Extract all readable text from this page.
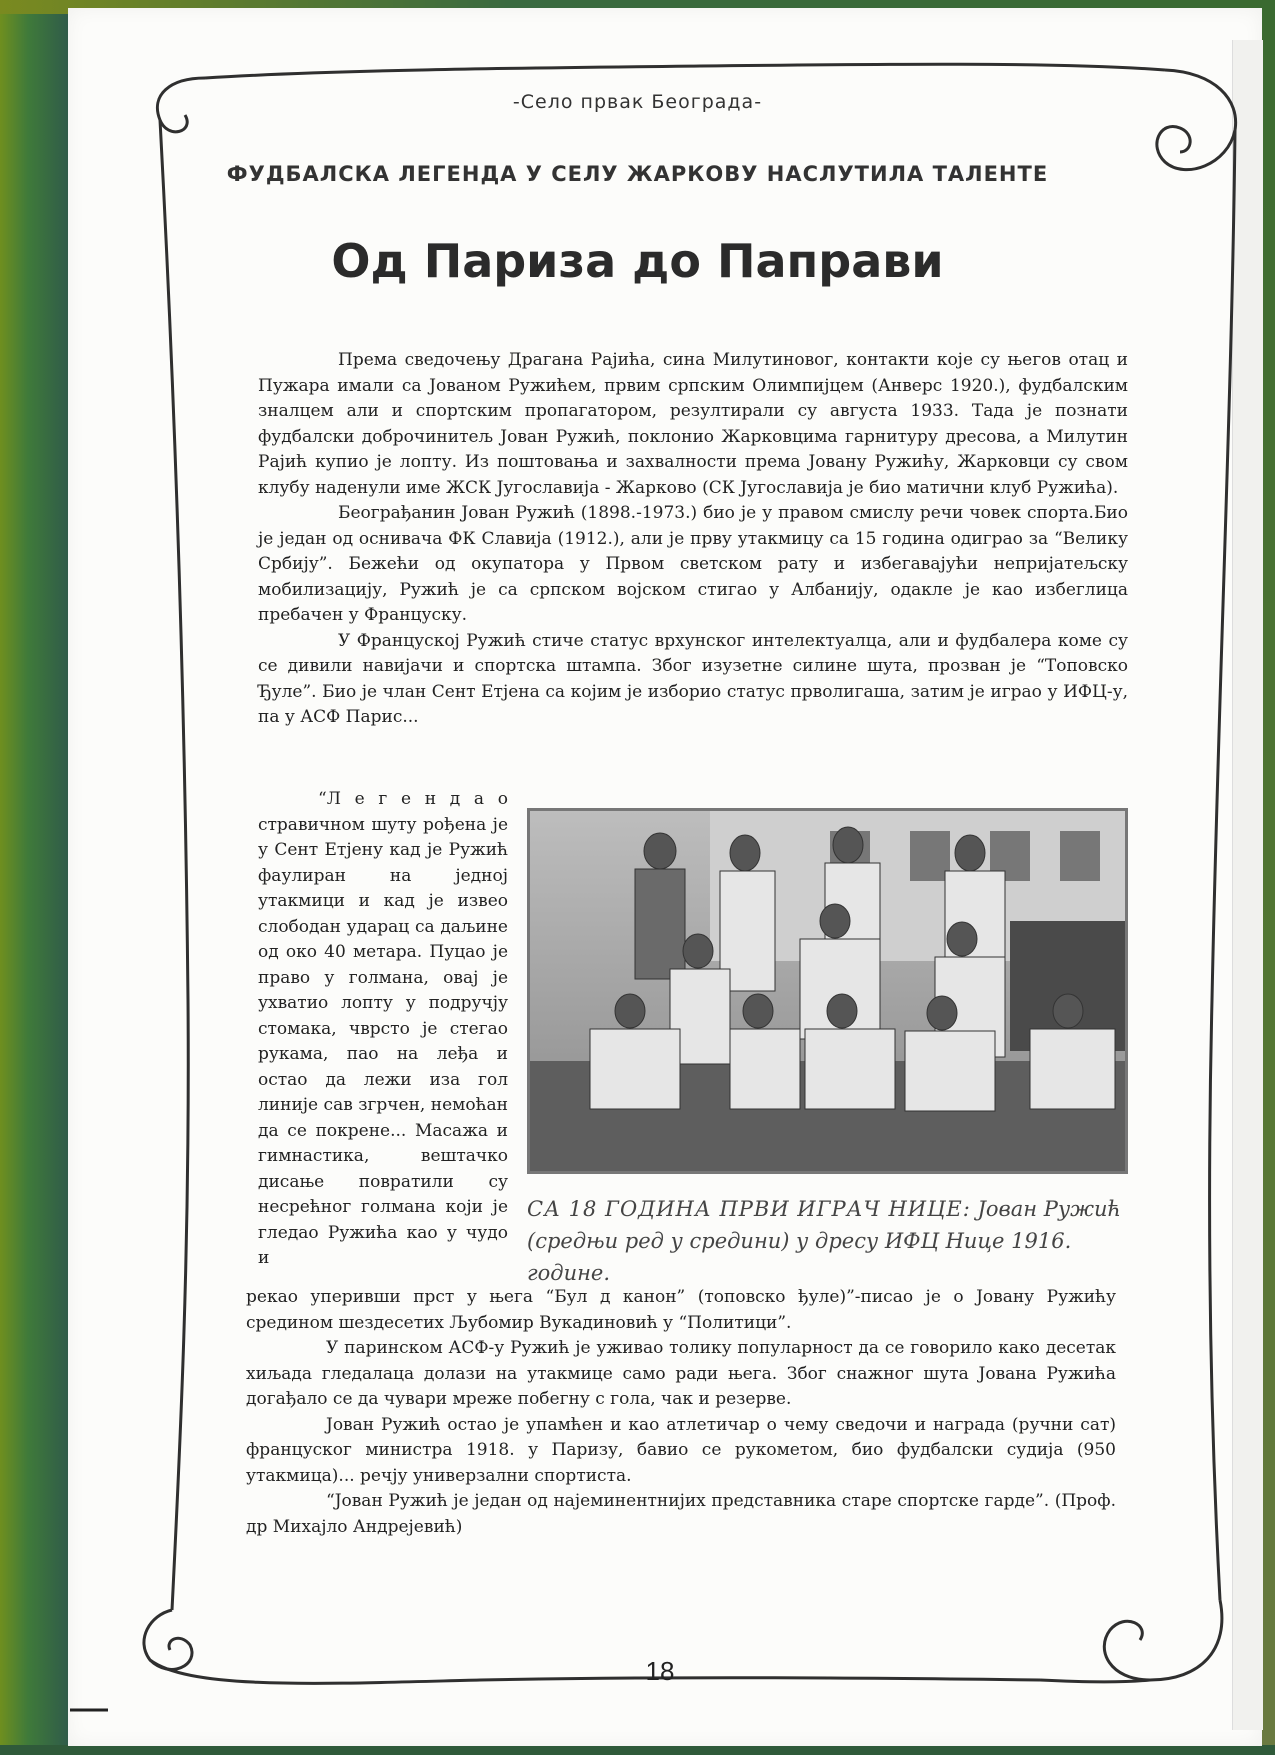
-Село првак Београда-
ФУДБАЛСКА ЛЕГЕНДА У СЕЛУ ЖАРКОВУ НАСЛУТИЛА ТАЛЕНТЕ
Од Париза до Паправи

Према сведочењу Драгана Рајића, сина Милутиновог, контакти које су његов отац и Пужара имали са Јованом Ружићем, првим српским Олимпијцем (Анверс 1920.), фудбалским зналцем али и спортским пропагатором, резултирали су августа 1933. Тада је познати фудбалски доброчинитељ Јован Ружић, поклонио Жарковцима гарнитуру дресова, а Милутин Рајић купио је лопту. Из поштовања и захвалности према Јовану Ружићу, Жарковци су свом клубу наденули име ЖСК Југославија - Жарково (СК Југославија је био матични клуб Ружића).

Београђанин Јован Ружић (1898.-1973.) био је у правом смислу речи човек спорта.Био је један од оснивача ФК Славија (1912.), али је прву утакмицу са 15 година одиграо за “Велику Србију”. Бежећи од окупатора у Првом светском рату и избегавајући непријатељску мобилизацију, Ружић је са српском војском стигао у Албанију, одакле је као избеглица пребачен у Француску.

У Француској Ружић стиче статус врхунског интелектуалца, али и фудбалера коме су се дивили навијачи и спортска штампа. Због изузетне силине шута, прозван је “Топовско Ђуле”. Био је члан Сент Етјена са којим је изборио статус прволигаша, затим је играо у ИФЦ-у, па у АСФ Парис...

“Л е г е н д а о стравичном шуту рођена је у Сент Етјену кад је Ружић фаулиран на једној утакмици и кад је извео слободан ударац са даљине од око 40 метара. Пуцао је право у голмана, овај је ухватио лопту у подручју стомака, чврсто је стегао рукама, пао на леђа и остао да лежи иза гол линије сав згрчен, немоћан да се покрене... Масажа и гимнастика, вештачко дисање повратили су несрећног голмана који је гледао Ружића као у чудо и

СА 18 ГОДИНА ПРВИ ИГРАЧ НИЦЕ: Јован Ружић (средњи ред у средини) у дресу ИФЦ Нице 1916. године.

рекао уперивши прст у њега “Бул д канон” (топовско ђуле)”-писао је о Јовану Ружићу средином шездесетих Љубомир Вукадиновић у “Политици”.

У паринском АСФ-у Ружић је уживао толику популарност да се говорило како десетак хиљада гледалаца долази на утакмице само ради њега. Због снажног шута Јована Ружића догађало се да чувари мреже побегну с гола, чак и резерве.

Јован Ружић остао је упамћен и као атлетичар о чему сведочи и награда (ручни сат) француског министра 1918. у Паризу, бавио се рукометом, био фудбалски судија (950 утакмица)... речју универзални спортиста.

“Јован Ружић је један од најеминентнијих представника старе спортске гарде”. (Проф. др Михајло Андрејевић)

18
